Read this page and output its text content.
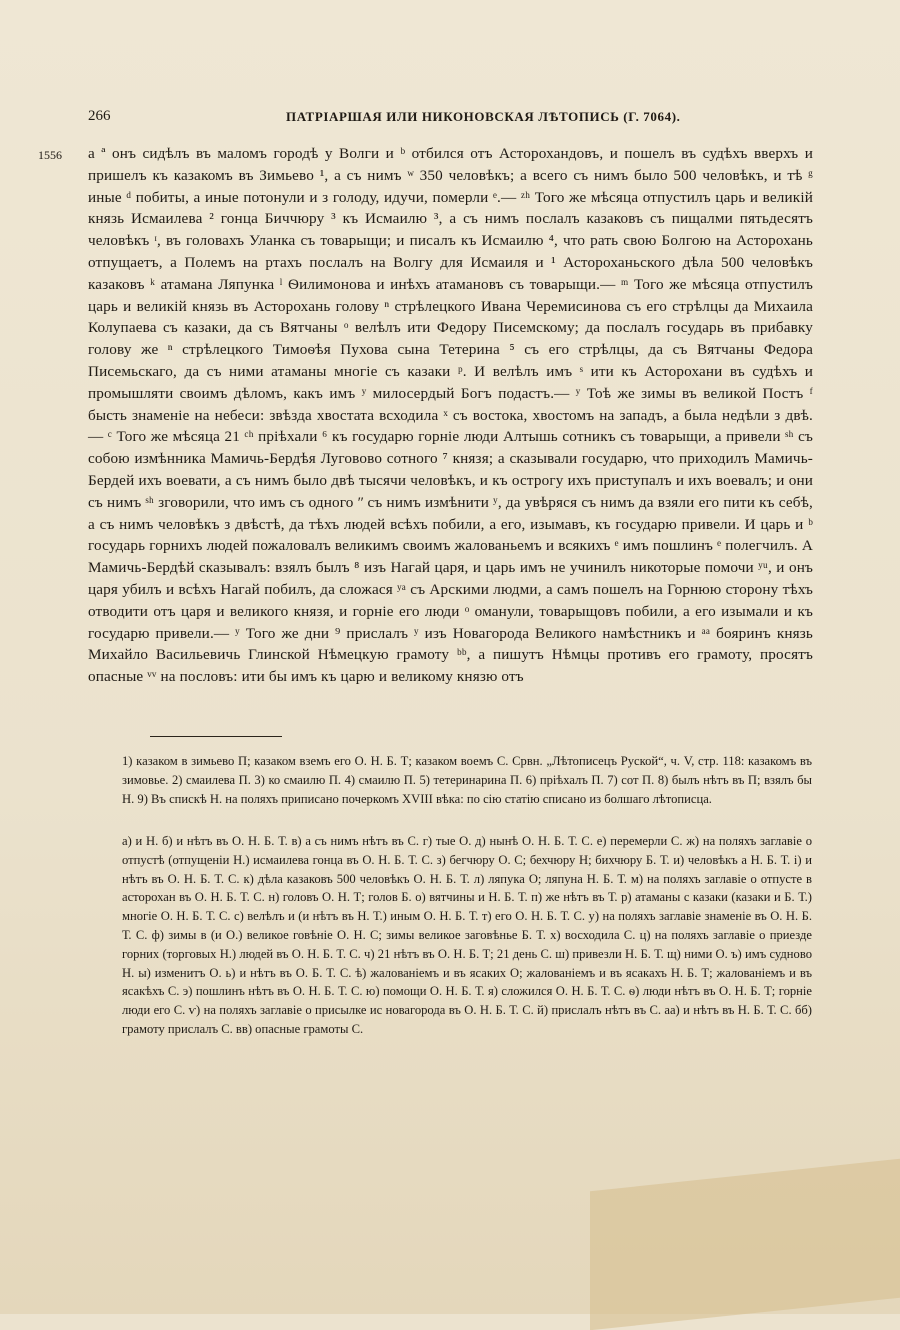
266	ПАТРІАРШАЯ ИЛИ НИКОНОВСКАЯ ЛѢТОПИСЬ (Г. 7064).
1556 а ª онъ сидѣлъ въ маломъ городѣ у Волги и ᵇ отбился отъ Асторохандовъ, и пошелъ въ судѣхъ вверхъ и пришелъ къ казакомъ въ Зимьево ¹, а съ нимъ ʷ 350 человѣкъ; а всего съ нимъ было 500 человѣкъ, и тѣ ᵍ иные ᵈ побиты, а иные потонули и з голоду, идучи, померли ᵉ.— ᶻʰ Того же мѣсяца отпустилъ царь и великій князь Исмаилева ² гонца Биччюру ³ къ Исмаилю ³, а съ нимъ послалъ казаковъ съ пищалми пятьдесятъ человѣкъ ᶦ, въ головахъ Уланка съ товарыщи; и писалъ къ Исмаилю ⁴, что рать свою Болгою на Асторохань отпущаетъ, а Полемъ на ртахъ послалъ на Волгу для Исмаиля и ¹ Астороханьского дѣла 500 человѣкъ казаковъ ᵏ атамана Ляпунка ˡ Ѳилимонова и инѣхъ атамановъ съ товарыщи.— ᵐ Того же мѣсяца отпустилъ царь и великій князь въ Асторохань голову ⁿ стрѣлецкого Ивана Черемисинова съ его стрѣлцы да Михаила Колупаева съ казаки, да съ Вятчаны ᵒ велѣлъ ити Федору Писемскому; да послалъ государь въ прибавку голову же ⁿ стрѣлецкого Тимоѳѣя Пухова сына Тетерина ⁵ съ его стрѣлцы, да съ Вятчаны Федора Писемьскаго, да съ ними атаманы многіе съ казаки ᵖ. И велѣлъ имъ ˢ ити къ Асторохани въ судѣхъ и промышляти своимъ дѣломъ, какъ имъ ʸ милосердый Богъ подастъ.— ʸ Тоѣ же зимы въ великой Постъ ᶠ бысть знаменіе на небеси: звѣзда хвостата всходила ˣ съ востока, хвостомъ на западъ, а была недѣли з двѣ. — ᶜ Того же мѣсяца 21 ᶜʰ пріѣхали ⁶ къ государю горніе люди Алтышь сотникъ съ товарыщи, а привели ˢʰ съ собою измѣнника Мамичь-Бердѣя Луговово сотного ⁷ князя; а сказывали государю, что приходилъ Мамичь-Бердей ихъ воевати, а съ нимъ было двѣ тысячи человѣкъ, и къ острогу ихъ приступалъ и ихъ воевалъ; и они съ нимъ ˢʰ зговорили, что имъ съ одного ʺ съ нимъ измѣнити ʸ, да увѣряся съ нимъ да взяли его пити къ себѣ, а съ нимъ человѣкъ з двѣстѣ, да тѣхъ людей всѣхъ побили, а его, изымавъ, къ государю привели. И царь и ᵇ государь горнихъ людей пожаловалъ великимъ своимъ жалованьемъ и всякихъ ᵉ имъ пошлинъ ᵉ полегчилъ. А Мамичь-Бердѣй сказывалъ: взялъ былъ ⁸ изъ Нагай царя, и царь имъ не учинилъ никоторые помочи ʸᵘ, и онъ царя убилъ и всѣхъ Нагай побилъ, да сложася ʸᵃ съ Арскими людми, а самъ пошелъ на Горнюю сторону тѣхъ отводити отъ царя и великого князя, и горніе его люди ᵒ оманули, товарыщовъ побили, а его изымали и къ государю привели.— ʸ Того же дни ⁹ прислалъ ʸ изъ Новагорода Великого намѣстникъ и ᵃᵃ бояринъ князь Михайло Васильевичь Глинской Нѣмецкую грамоту ᵇᵇ, а пишутъ Нѣмцы противъ его грамоту, просятъ опасные ᵛᵛ на пословъ: ити бы имъ къ царю и великому князю отъ
1) казаком в зимьево П; казаком вземъ его О. Н. Б. Т; казаком воемъ С. Срвн. „Лѣтописецъ Руской“, ч. V, стр. 118: казакомъ въ зимовье. 2) смаилева П. 3) ко смаилю П. 4) смаилю П. 5) тетеринарина П. 6) пріѣхалъ П. 7) сот П. 8) былъ нѣтъ въ П; взялъ бы Н. 9) Въ спискѣ Н. на поляхъ приписано почеркомъ XVIII вѣка: по сію статію списано из болшаго лѣтописца.
а) и Н. б) и нѣтъ въ О. Н. Б. Т. в) а съ нимъ нѣтъ въ С. г) тые О. д) нынѣ О. Н. Б. Т. С. е) перемерли С. ж) на поляхъ заглавіе о отпустѣ (отпущеніи Н.) исмаилева гонца въ О. Н. Б. Т. С. з) бегчюру О. С; бехчюру Н; бихчюру Б. Т. и) человѣкъ а Н. Б. Т. і) и нѣтъ въ О. Н. Б. Т. С. к) дѣла казаковъ 500 человѣкъ О. Н. Б. Т. л) ляпука О; ляпуна Н. Б. Т. м) на поляхъ заглавіе о отпусте в асторохан въ О. Н. Б. Т. С. н) головъ О. Н. Т; голов Б. о) вятчины и Н. Б. Т. п) же нѣтъ въ Т. р) атаманы с казаки (казаки и Б. Т.) многіе О. Н. Б. Т. С. с) велѣлъ и (и нѣтъ въ Н. Т.) иным О. Н. Б. Т. т) его О. Н. Б. Т. С. у) на поляхъ заглавіе знаменіе въ О. Н. Б. Т. С. ф) зимы в (и О.) великое говѣніе О. Н. С; зимы великое заговѣнье Б. Т. х) восходила С. ц) на поляхъ заглавіе о приезде горних (торговых Н.) людей въ О. Н. Б. Т. С. ч) 21 нѣтъ въ О. Н. Б. Т; 21 день С. ш) привезли Н. Б. Т. щ) ними О. ъ) имъ судново Н. ы) изменитъ О. ь) и нѣтъ въ О. Б. Т. С. ѣ) жалованіемъ и въ ясаких О; жалованіемъ и въ ясакахъ Н. Б. Т; жалованіемъ и въ ясакѣхъ С. э) пошлинъ нѣтъ въ О. Н. Б. Т. С. ю) помощи О. Н. Б. Т. я) сложился О. Н. Б. Т. С. ѳ) люди нѣтъ въ О. Н. Б. Т; горніе люди его С. ѵ) на поляхъ заглавіе о присылке ис новагорода въ О. Н. Б. Т. С. й) прислалъ нѣтъ въ С. аа) и нѣтъ въ Н. Б. Т. С. бб) грамоту прислалъ С. вв) опасные грамоты С.
